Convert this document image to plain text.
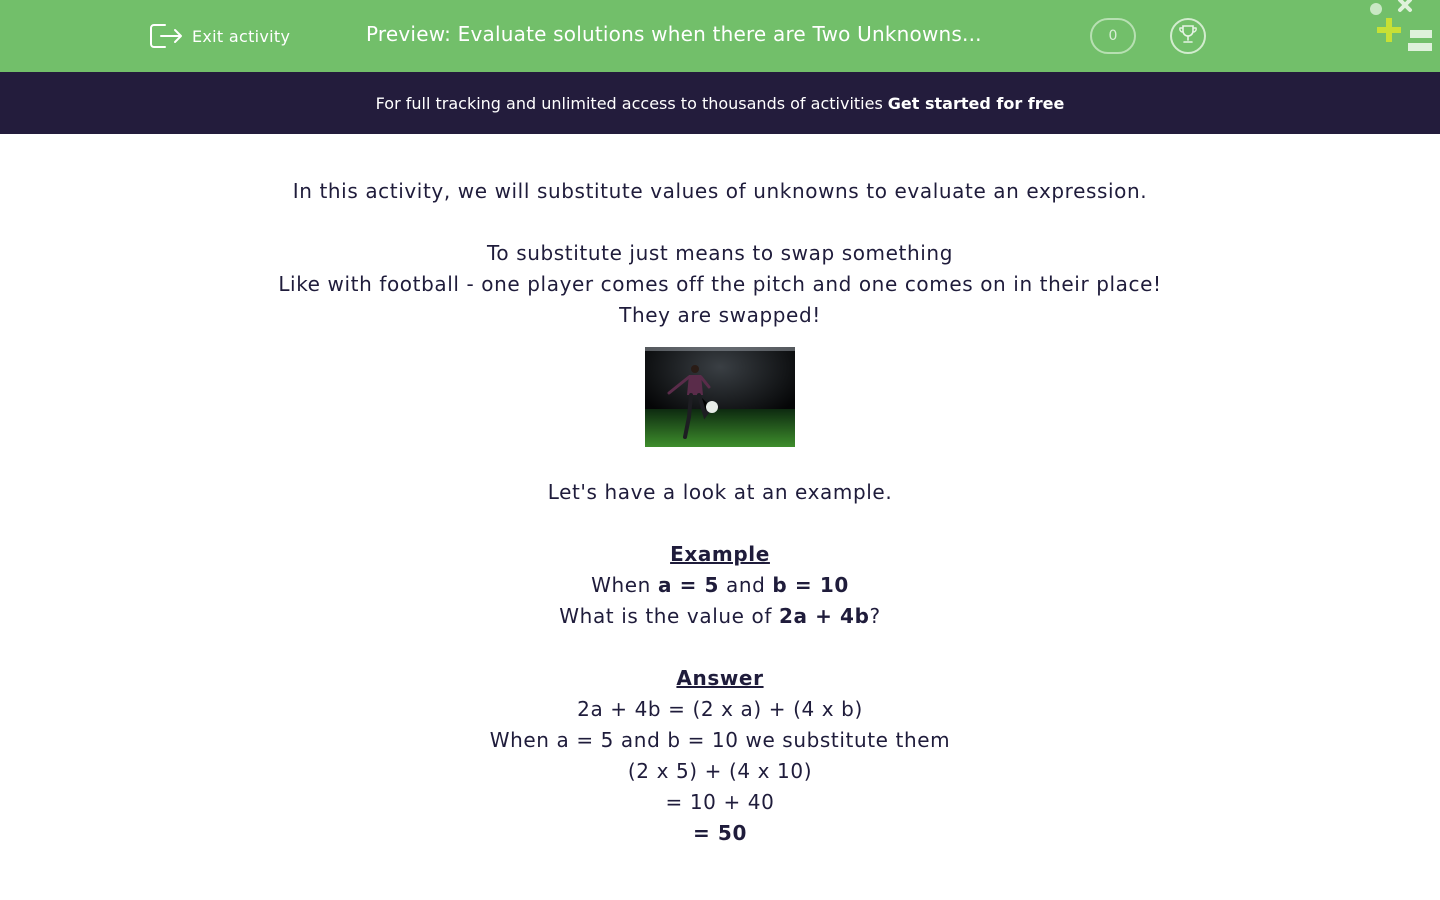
Exit activity	Preview: Evaluate solutions when there are Two Unknowns...	0
For full tracking and unlimited access to thousands of activities Get started for free
In this activity, we will substitute values of unknowns to evaluate an expression.
To substitute just means to swap something
Like with football - one player comes off the pitch and one comes on in their place!
They are swapped!
Let's have a look at an example.
Example
When a = 5 and b = 10
What is the value of 2a + 4b?
Answer
2a + 4b = (2 x a) + (4 x b)
When a = 5 and b = 10 we substitute them
(2 x 5) + (4 x 10)
= 10 + 40
= 50
